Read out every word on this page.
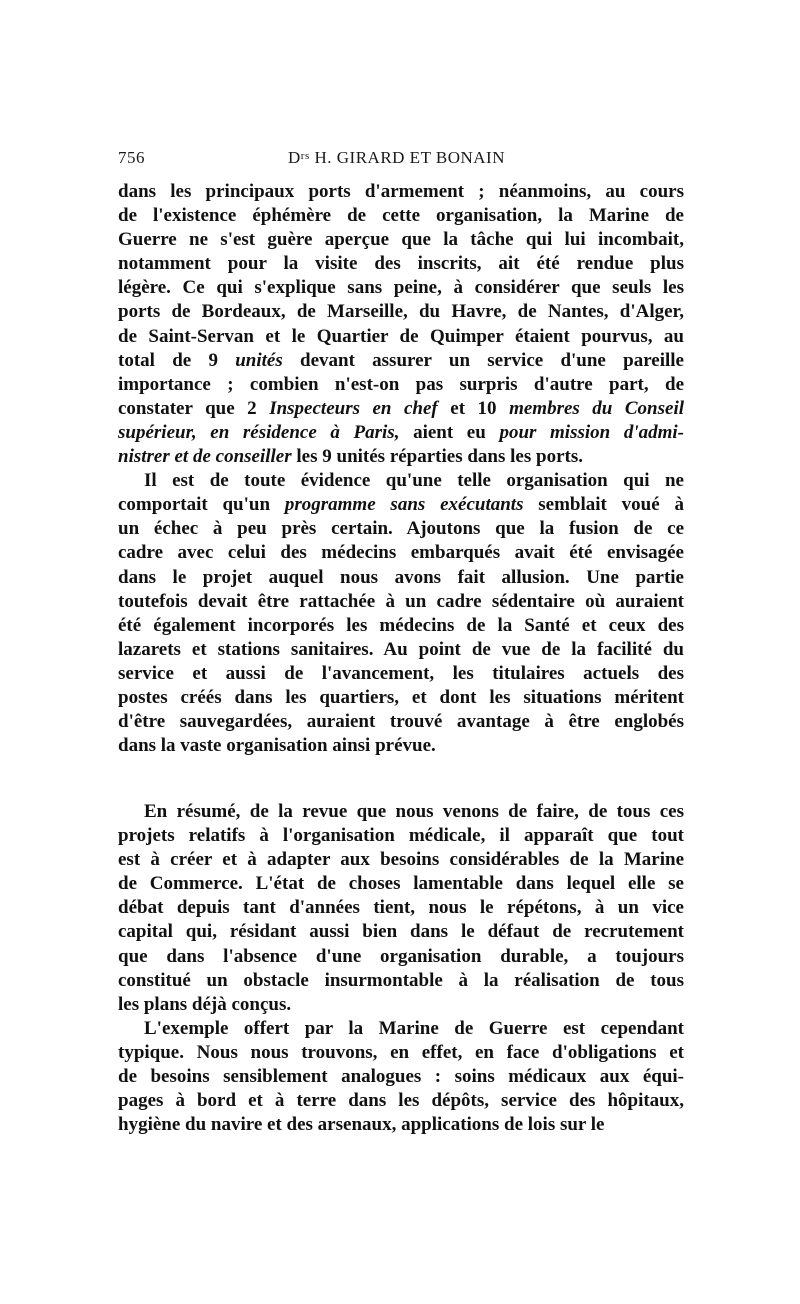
756	$D^{rs}$ H. GIRARD ET BONAIN
dans les principaux ports d'armement ; néanmoins, au cours
de l'existence éphémère de cette organisation, la Marine de
Guerre ne s'est guère aperçue que la tâche qui lui incombait,
notamment pour la visite des inscrits, ait été rendue plus
légère. Ce qui s'explique sans peine, à considérer que seuls les
ports de Bordeaux, de Marseille, du Havre, de Nantes, d'Alger,
de Saint-Servan et le Quartier de Quimper étaient pourvus, au
total de 9 unités devant assurer un service d'une pareille
importance ; combien n'est-on pas surpris d'autre part, de
constater que 2 Inspecteurs en chef et 10 membres du Conseil
supérieur, en résidence à Paris, aient eu pour mission d'admi-
nistrer et de conseiller les 9 unités réparties dans les ports.
Il est de toute évidence qu'une telle organisation qui ne
comportait qu'un programme sans exécutants semblait voué à
un échec à peu près certain. Ajoutons que la fusion de ce
cadre avec celui des médecins embarqués avait été envisagée
dans le projet auquel nous avons fait allusion. Une partie
toutefois devait être rattachée à un cadre sédentaire où auraient
été également incorporés les médecins de la Santé et ceux des
lazarets et stations sanitaires. Au point de vue de la facilité du
service et aussi de l'avancement, les titulaires actuels des
postes créés dans les quartiers, et dont les situations méritent
d'être sauvegardées, auraient trouvé avantage à être englobés
dans la vaste organisation ainsi prévue.
En résumé, de la revue que nous venons de faire, de tous ces
projets relatifs à l'organisation médicale, il apparaît que tout
est à créer et à adapter aux besoins considérables de la Marine
de Commerce. L'état de choses lamentable dans lequel elle se
débat depuis tant d'années tient, nous le répétons, à un vice
capital qui, résidant aussi bien dans le défaut de recrutement
que dans l'absence d'une organisation durable, a toujours
constitué un obstacle insurmontable à la réalisation de tous
les plans déjà conçus.
L'exemple offert par la Marine de Guerre est cependant
typique. Nous nous trouvons, en effet, en face d'obligations et
de besoins sensiblement analogues : soins médicaux aux équi-
pages à bord et à terre dans les dépôts, service des hôpitaux,
hygiène du navire et des arsenaux, applications de lois sur le
